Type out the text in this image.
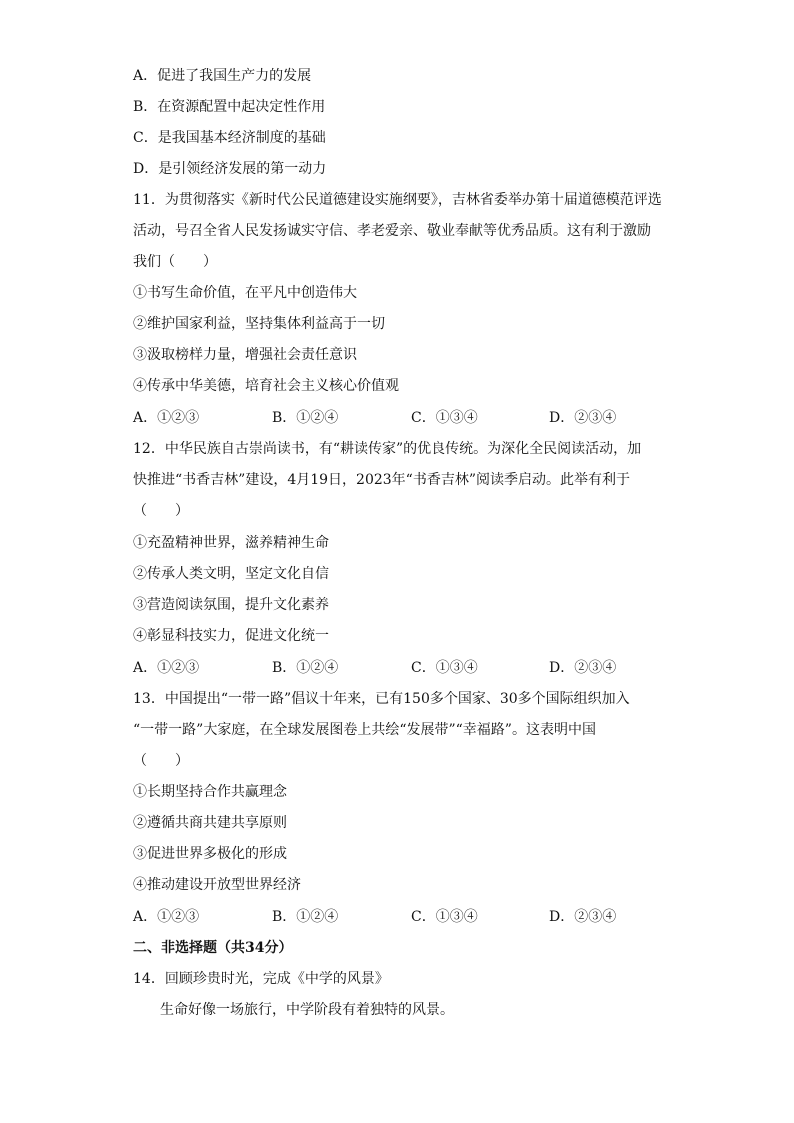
A．促进了我国生产力的发展
B．在资源配置中起决定性作用
C．是我国基本经济制度的基础
D．是引领经济发展的第一动力
11．为贯彻落实《新时代公民道德建设实施纲要》，吉林省委举办第十届道德模范评选
活动，号召全省人民发扬诚实守信、孝老爱亲、敬业奉献等优秀品质。这有利于激励
我们（　　）
①书写生命价值，在平凡中创造伟大
②维护国家利益，坚持集体利益高于一切
③汲取榜样力量，增强社会责任意识
④传承中华美德，培育社会主义核心价值观
A．①②③	B．①②④	C．①③④	D．②③④
12．中华民族自古崇尚读书，有“耕读传家”的优良传统。为深化全民阅读活动，加
快推进“书香吉林”建设，4月19日，2023年“书香吉林”阅读季启动。此举有利于
（　　）
①充盈精神世界，滋养精神生命
②传承人类文明，坚定文化自信
③营造阅读氛围，提升文化素养
④彰显科技实力，促进文化统一
A．①②③	B．①②④	C．①③④	D．②③④
13．中国提出“一带一路”倡议十年来，已有150多个国家、30多个国际组织加入
“一带一路”大家庭，在全球发展图卷上共绘“发展带”“幸福路”。这表明中国
（　　）
①长期坚持合作共赢理念
②遵循共商共建共享原则
③促进世界多极化的形成
④推动建设开放型世界经济
A．①②③	B．①②④	C．①③④	D．②③④
二、非选择题（共34分）
14．回顾珍贵时光，完成《中学的风景》
生命好像一场旅行，中学阶段有着独特的风景。
